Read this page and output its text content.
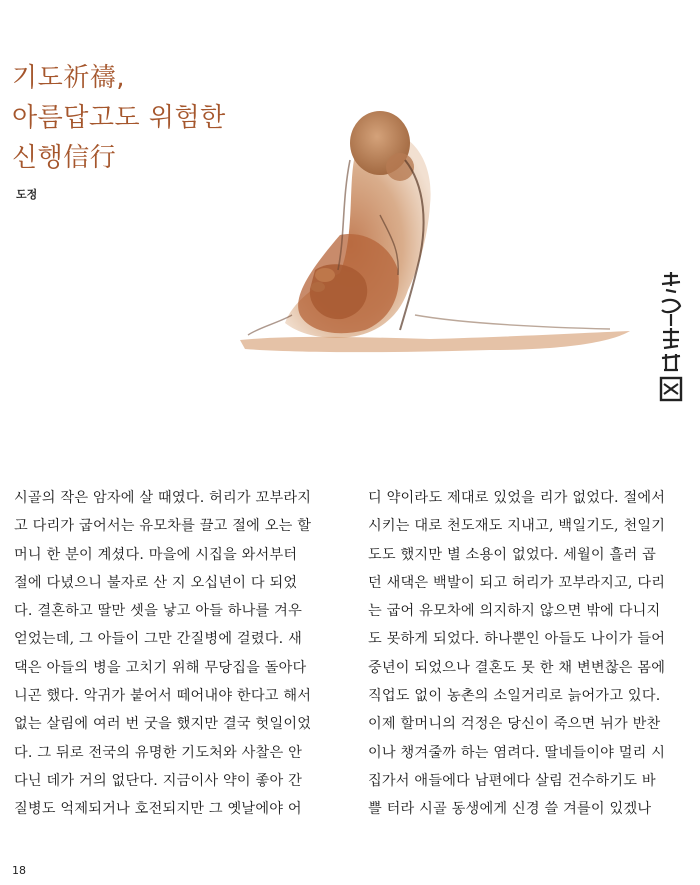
기도祈禱,
아름답고도 위험한
신행信行
도정
시골의 작은 암자에 살 때였다. 허리가 꼬부라지
고 다리가 굽어서는 유모차를 끌고 절에 오는 할
머니 한 분이 계셨다. 마을에 시집을 와서부터
절에 다녔으니 불자로 산 지 오십년이 다 되었
다. 결혼하고 딸만 셋을 낳고 아들 하나를 겨우
얻었는데, 그 아들이 그만 간질병에 걸렸다. 새
댁은 아들의 병을 고치기 위해 무당집을 돌아다
니곤 했다. 악귀가 붙어서 떼어내야 한다고 해서
없는 살림에 여러 번 굿을 했지만 결국 헛일이었
다. 그 뒤로 전국의 유명한 기도처와 사찰은 안
다닌 데가 거의 없단다. 지금이사 약이 좋아 간
질병도 억제되거나 호전되지만 그 옛날에야 어
디 약이라도 제대로 있었을 리가 없었다. 절에서
시키는 대로 천도재도 지내고, 백일기도, 천일기
도도 했지만 별 소용이 없었다. 세월이 흘러 곱
던 새댁은 백발이 되고 허리가 꼬부라지고, 다리
는 굽어 유모차에 의지하지 않으면 밖에 다니지
도 못하게 되었다. 하나뿐인 아들도 나이가 들어
중년이 되었으나 결혼도 못 한 채 변변찮은 몸에
직업도 없이 농촌의 소일거리로 늙어가고 있다.
이제 할머니의 걱정은 당신이 죽으면 뉘가 반찬
이나 챙겨줄까 하는 염려다. 딸네들이야 멀리 시
집가서 애들에다 남편에다 살림 건수하기도 바
쁠 터라 시골 동생에게 신경 쓸 겨를이 있겠나
18
